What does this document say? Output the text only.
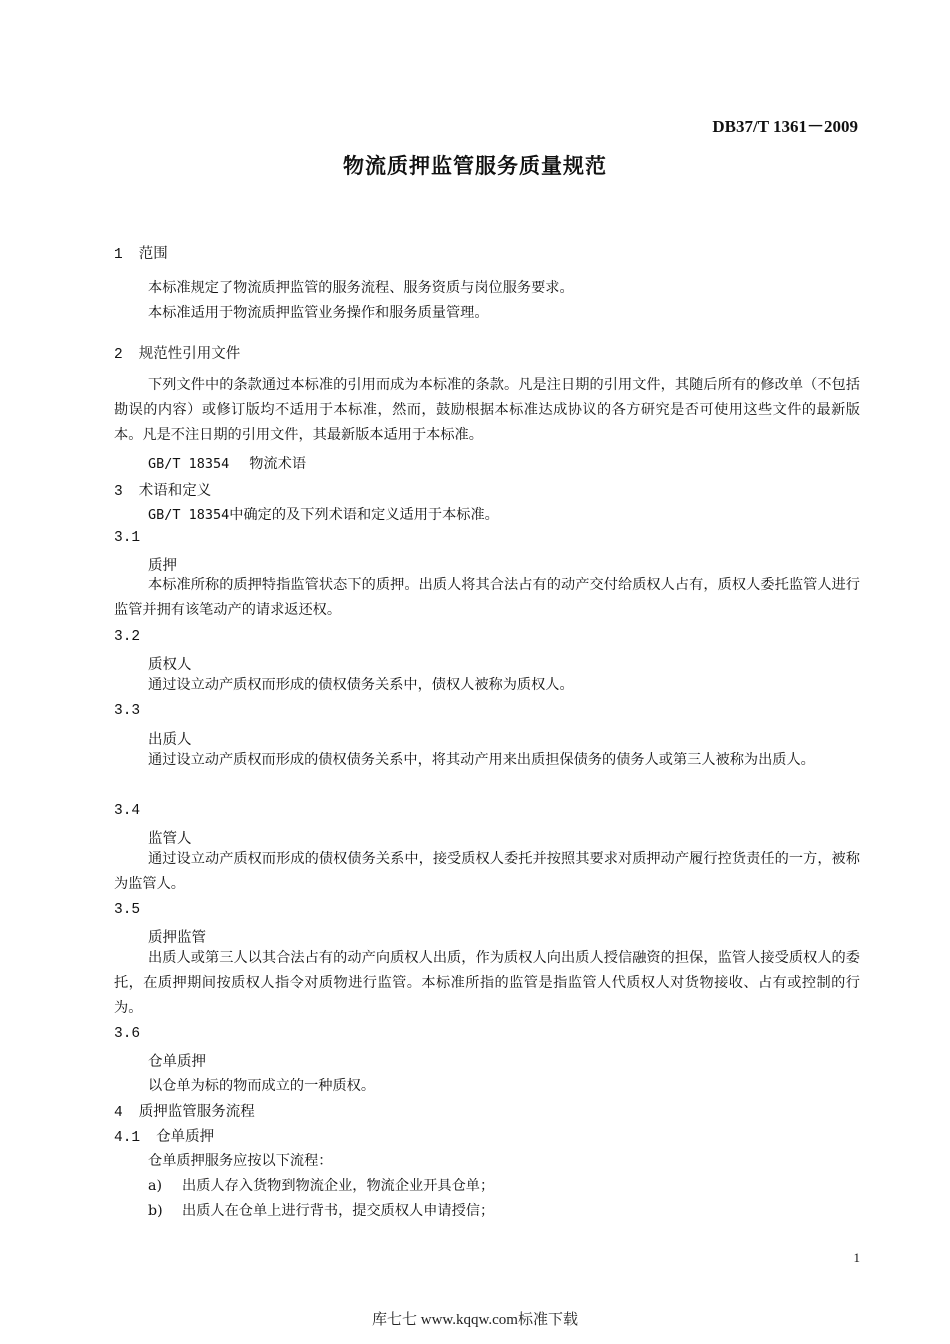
DB37/T 1361－2009
物流质押监管服务质量规范
1 范围
本标准规定了物流质押监管的服务流程、服务资质与岗位服务要求。
本标准适用于物流质押监管业务操作和服务质量管理。
2 规范性引用文件

下列文件中的条款通过本标准的引用而成为本标准的条款。凡是注日期的引用文件，其随后所有的修改单（不包括勘误的内容）或修订版均不适用于本标准，然而，鼓励根据本标准达成协议的各方研究是否可使用这些文件的最新版本。凡是不注日期的引用文件，其最新版本适用于本标准。

GB/T 18354 物流术语
3 术语和定义
GB/T 18354中确定的及下列术语和定义适用于本标准。
3.1
质押

本标准所称的质押特指监管状态下的质押。出质人将其合法占有的动产交付给质权人占有，质权人委托监管人进行监管并拥有该笔动产的请求返还权。

3.2
质权人

通过设立动产质权而形成的债权债务关系中，债权人被称为质权人。

3.3
出质人

通过设立动产质权而形成的债权债务关系中，将其动产用来出质担保债务的债务人或第三人被称为出质人。

3.4
监管人

通过设立动产质权而形成的债权债务关系中，接受质权人委托并按照其要求对质押动产履行控货责任的一方，被称为监管人。

3.5
质押监管

出质人或第三人以其合法占有的动产向质权人出质，作为质权人向出质人授信融资的担保，监管人接受质权人的委托，在质押期间按质权人指令对质物进行监管。本标准所指的监管是指监管人代质权人对货物接收、占有或控制的行为。

3.6
仓单质押
以仓单为标的物而成立的一种质权。
4 质押监管服务流程
4.1 仓单质押
仓单质押服务应按以下流程：
a) 出质人存入货物到物流企业，物流企业开具仓单；
b) 出质人在仓单上进行背书，提交质权人申请授信；
1
库七七 www.kqqw.com标准下载
